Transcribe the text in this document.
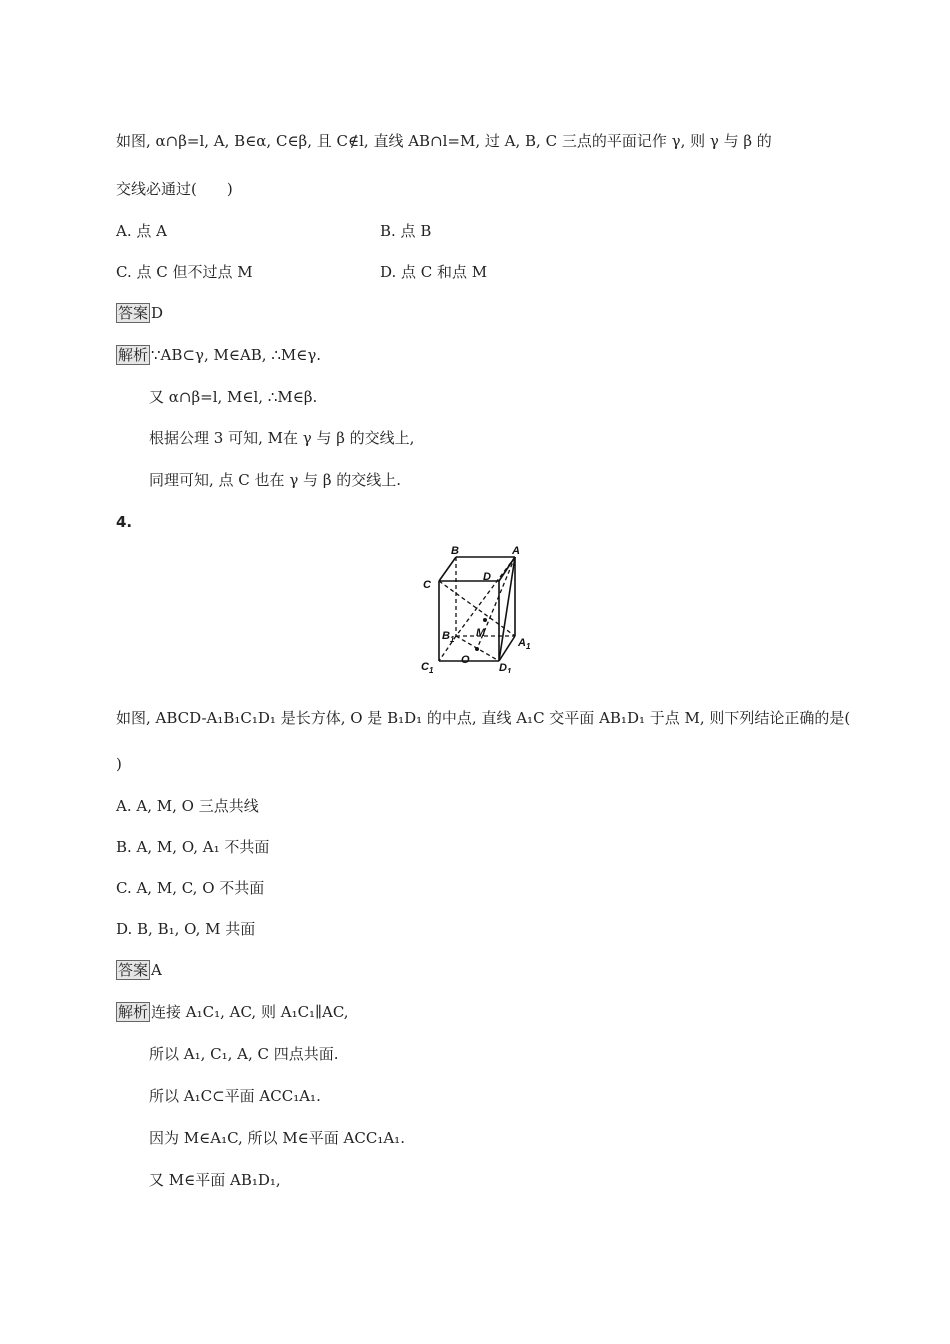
如图, α∩β=l, A, B∈α, C∈β, 且 C∉l, 直线 AB∩l=M, 过 A, B, C 三点的平面记作 γ, 则 γ 与 β 的
交线必通过(　　)
A. 点 A	B. 点 B
C. 点 C 但不过点 M	D. 点 C 和点 M
答案 D
解析 ∵AB⊂γ, M∈AB, ∴M∈γ.
又 α∩β=l, M∈l, ∴M∈β.
根据公理 3 可知, M在 γ 与 β 的交线上,
同理可知, 点 C 也在 γ 与 β 的交线上.
4.
B	A
C
D
M
O
$B_1$	$A_1$
$C_1$	$D_1$
如图, ABCD-A₁B₁C₁D₁ 是长方体, O 是 B₁D₁ 的中点, 直线 A₁C 交平面 AB₁D₁ 于点 M, 则下列结论正确的是(
)
A. A, M, O 三点共线
B. A, M, O, A₁ 不共面
C. A, M, C, O 不共面
D. B, B₁, O, M 共面
答案 A
解析 连接 A₁C₁, AC, 则 A₁C₁∥AC,
所以 A₁, C₁, A, C 四点共面.
所以 A₁C⊂平面 ACC₁A₁.
因为 M∈A₁C, 所以 M∈平面 ACC₁A₁.
又 M∈平面 AB₁D₁,
